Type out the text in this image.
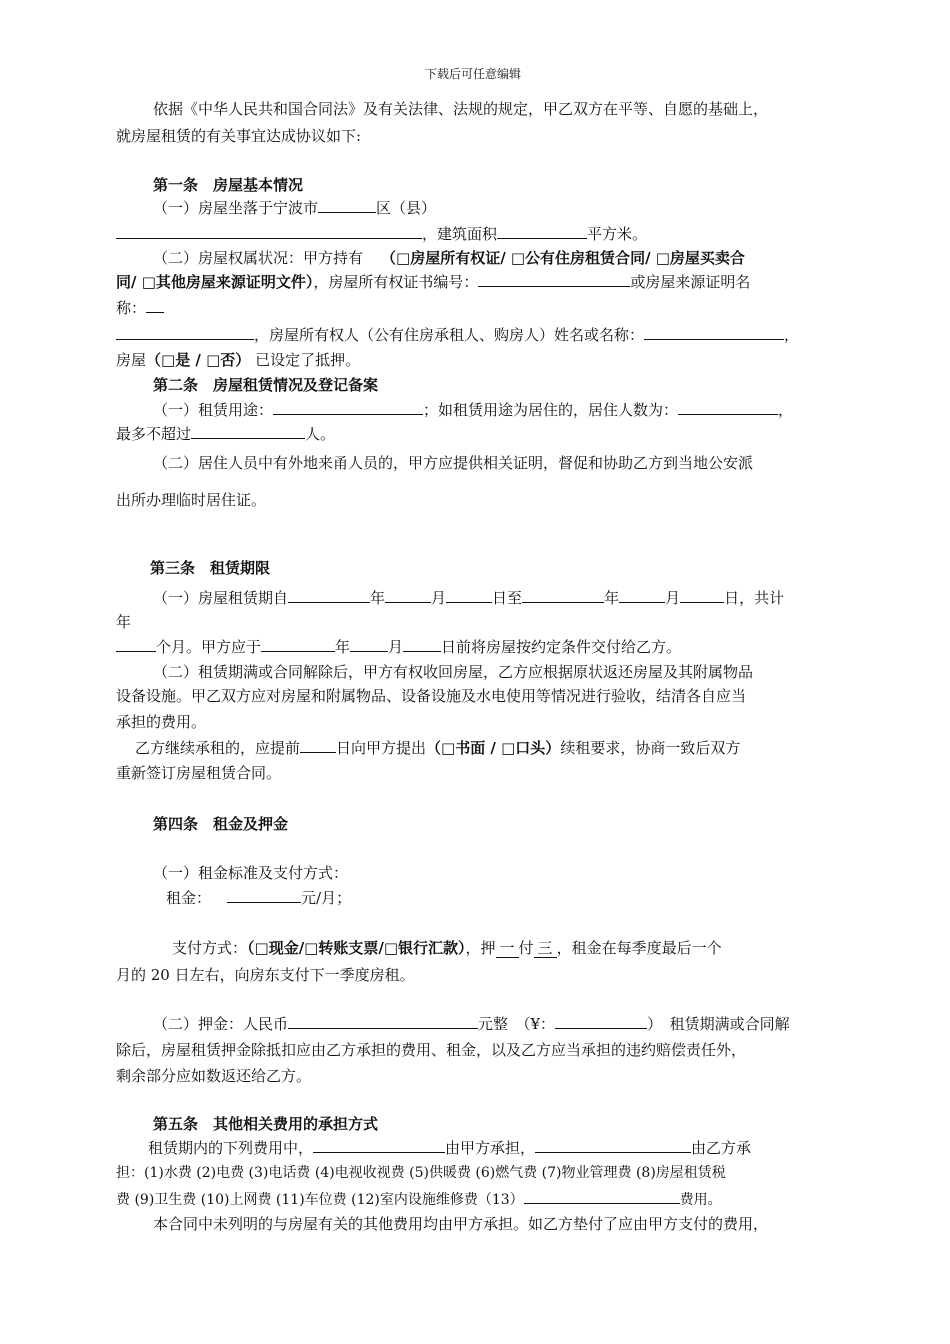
下载后可任意编辑
依据《中华人民共和国合同法》及有关法律、法规的规定，甲乙双方在平等、自愿的基础上，
就房屋租赁的有关事宜达成协议如下:
第一条　房屋基本情况
（一）房屋坐落于宁波市	区（县）
，建筑面积	平方米。
（二）房屋权属状况：甲方持有 （□房屋所有权证/ □公有住房租赁合同/ □房屋买卖合
同/ □其他房屋来源证明文件），房屋所有权证书编号：	或房屋来源证明名
称：
，房屋所有权人（公有住房承租人、购房人）姓名或名称：	，
房屋（□是 / □否） 已设定了抵押。
第二条　房屋租赁情况及登记备案
（一）租赁用途：	；如租赁用途为居住的，居住人数为：	，
最多不超过	人。
（二）居住人员中有外地来甬人员的，甲方应提供相关证明，督促和协助乙方到当地公安派
出所办理临时居住证。
第三条　租赁期限
（一）房屋租赁期自	年	月	日至	年	月	日，共计
年
个月。甲方应于	年	月	日前将房屋按约定条件交付给乙方。
（二）租赁期满或合同解除后，甲方有权收回房屋，乙方应根据原状返还房屋及其附属物品
设备设施。甲乙双方应对房屋和附属物品、设备设施及水电使用等情况进行验收，结清各自应当
承担的费用。
乙方继续承租的，应提前 日向甲方提出（□书面 / □口头）续租要求，协商一致后双方
重新签订房屋租赁合同。
第四条　租金及押金
（一）租金标准及支付方式：
租金：	元/月；
支付方式：（□现金/□转账支票/□银行汇款），押 一 付 三 ，租金在每季度最后一个
月的 20 日左右，向房东支付下一季度房租。
（二）押金：人民币	元整　（¥：	）　租赁期满或合同解
除后，房屋租赁押金除抵扣应由乙方承担的费用、租金，以及乙方应当承担的违约赔偿责任外，
剩余部分应如数返还给乙方。
第五条　其他相关费用的承担方式
租赁期内的下列费用中，	由甲方承担，	由乙方承
担：(1)水费 (2)电费 (3)电话费 (4)电视收视费 (5)供暖费 (6)燃气费 (7)物业管理费 (8)房屋租赁税
费 (9)卫生费 (10)上网费 (11)车位费 (12)室内设施维修费（13）	费用。
本合同中未列明的与房屋有关的其他费用均由甲方承担。如乙方垫付了应由甲方支付的费用，
